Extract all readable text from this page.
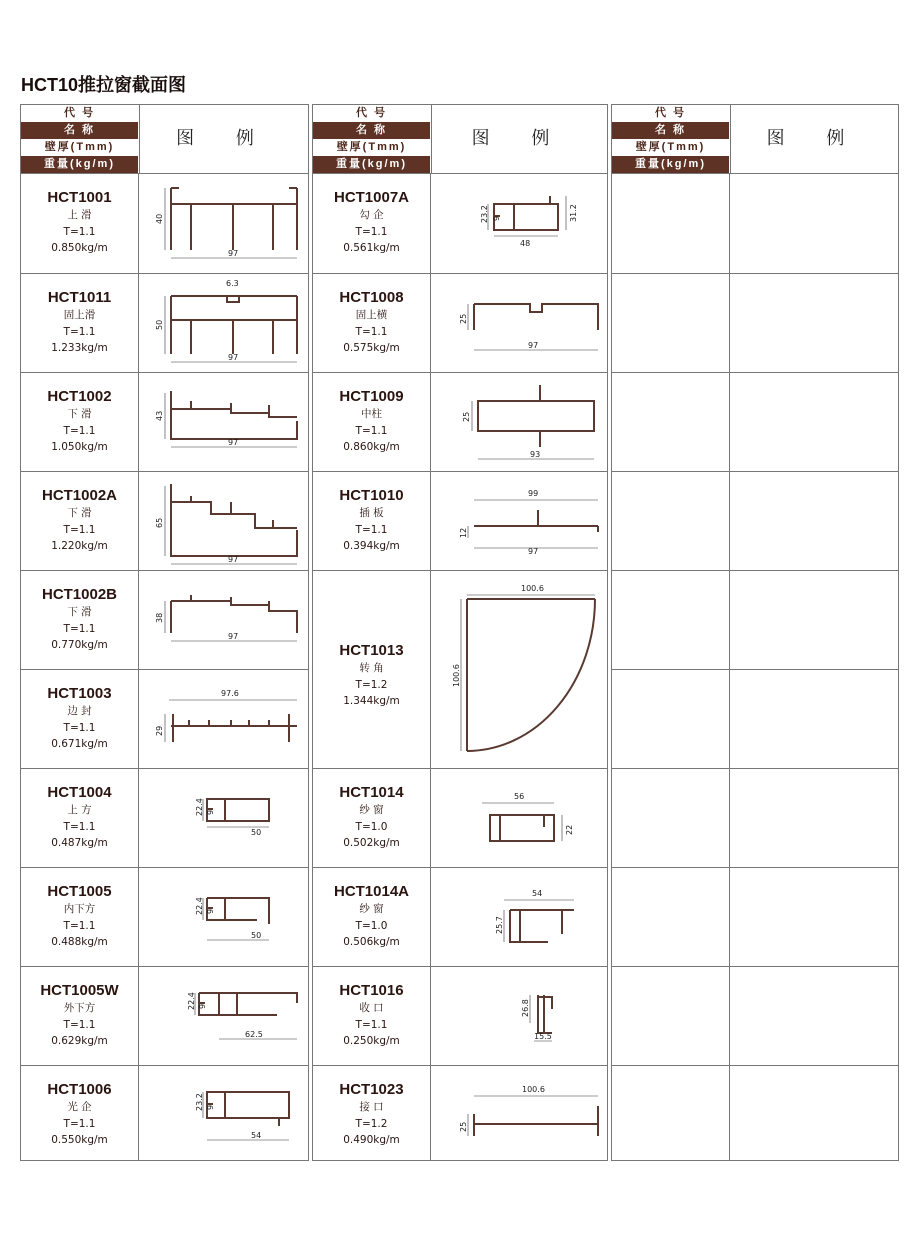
HCT10推拉窗截面图
代 号
名 称
壁厚(Tmm)
重量(kg/m)
图 例
HCT1001
上 滑
T=1.1
0.850kg/m
40
97
HCT1011
固上滑
T=1.1
1.233kg/m
6.3
50
97
HCT1002
下 滑
T=1.1
1.050kg/m
43
97
HCT1002A
下 滑
T=1.1
1.220kg/m
65
97
HCT1002B
下 滑
T=1.1
0.770kg/m
38
97
HCT1003
边 封
T=1.1
0.671kg/m
97.6
29
HCT1004
上 方
T=1.1
0.487kg/m
22.4 9
50
HCT1005
内下方
T=1.1
0.488kg/m
22.4 9
50
HCT1005W
外下方
T=1.1
0.629kg/m
22.4 9
62.5
HCT1006
光 企
T=1.1
0.550kg/m
23.2 9
54
代 号
名 称
壁厚(Tmm)
重量(kg/m)
图 例
HCT1007A
勾 企
T=1.1
0.561kg/m
23.2 9	31.2
48
HCT1008
固上横
T=1.1
0.575kg/m
25
97
HCT1009
中柱
T=1.1
0.860kg/m
25
93
HCT1010
插 板
T=1.1
0.394kg/m
99
12
97
HCT1013
转 角
T=1.2
1.344kg/m
100.6
100.6
HCT1014
纱 窗
T=1.0
0.502kg/m
56
22
HCT1014A
纱 窗
T=1.0
0.506kg/m
54
25.7
HCT1016
收 口
T=1.1
0.250kg/m
26.8
15.5
HCT1023
接 口
T=1.2
0.490kg/m
100.6
25
代 号
名 称
壁厚(Tmm)
重量(kg/m)
图 例
